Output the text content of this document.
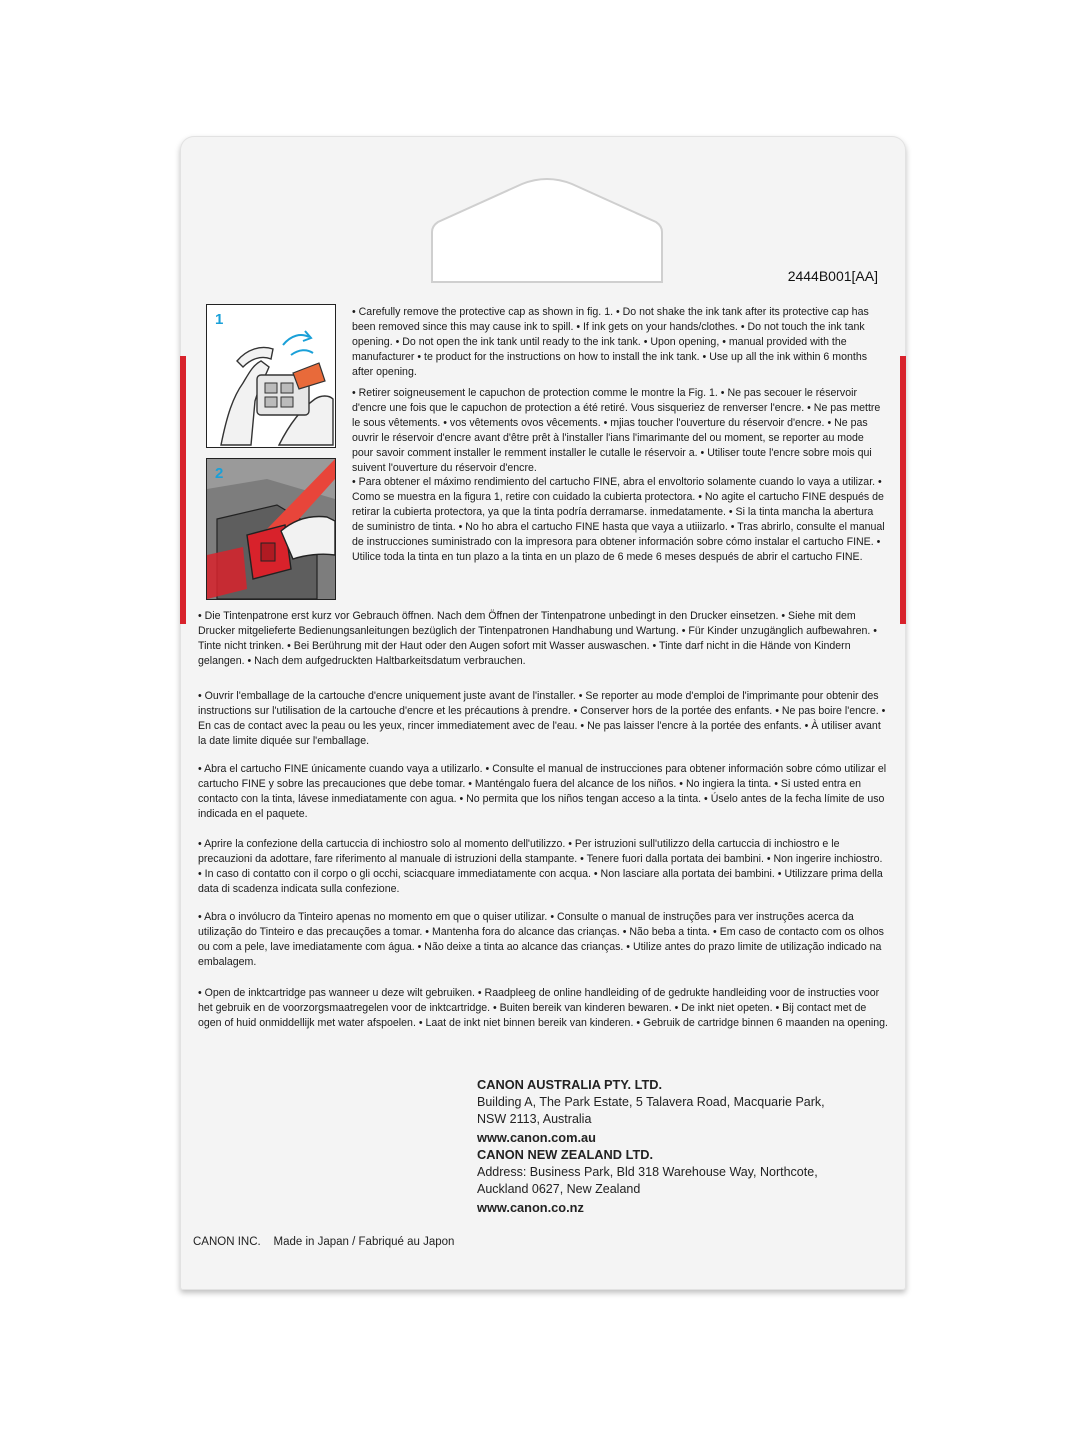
2444B001[AA]
1
2

• Carefully remove the protective cap as shown in fig. 1. • Do not shake the ink tank after its protective cap has been removed since this may cause ink to spill. • If ink gets on your hands/clothes. • Do not touch the ink tank opening. • Do not open the ink tank until ready to the ink tank. • Upon opening, • manual provided with the manufacturer • te product for the instructions on how to install the ink tank. • Use up all the ink within 6 months after opening.

• Retirer soigneusement le capuchon de protection comme le montre la Fig. 1. • Ne pas secouer le réservoir d'encre une fois que le capuchon de protection a été retiré. Vous sisqueriez de renverser l'encre. • Ne pas mettre le sous vêtements. • vos vêtements ovos vêcements. • mjias toucher l'ouverture du réservoir d'encre. • Ne pas ouvrir le réservoir d'encre avant d'être prêt à l'installer l'ians l'imarimante del ou moment, se reporter au mode pour savoir comment installer le remment installer le cutalle le réservoir a. • Utiliser toute l'encre sobre mois qui suivent l'ouverture du réservoir d'encre.

• Para obtener el máximo rendimiento del cartucho FINE, abra el envoltorio solamente cuando lo vaya a utilizar. • Como se muestra en la figura 1, retire con cuidado la cubierta protectora. • No agite el cartucho FINE después de retirar la cubierta protectora, ya que la tinta podría derramarse. inmedatamente. • Si la tinta mancha la abertura de suministro de tinta. • No ho abra el cartucho FINE hasta que vaya a utiiizarlo. • Tras abrirlo, consulte el manual de instrucciones suministrado con la impresora para obtener información sobre cómo instalar el cartucho FINE. • Utilice toda la tinta en tun plazo a la tinta en un plazo de 6 mede 6 meses después de abrir el cartucho FINE.

• Die Tintenpatrone erst kurz vor Gebrauch öffnen. Nach dem Öffnen der Tintenpatrone unbedingt in den Drucker einsetzen. • Siehe mit dem Drucker mitgelieferte Bedienungsanleitungen bezüglich der Tintenpatronen Handhabung und Wartung. • Für Kinder unzugänglich aufbewahren. • Tinte nicht trinken. • Bei Berührung mit der Haut oder den Augen sofort mit Wasser auswaschen. • Tinte darf nicht in die Hände von Kindern gelangen. • Nach dem aufgedruckten Haltbarkeitsdatum verbrauchen.

• Ouvrir l'emballage de la cartouche d'encre uniquement juste avant de l'installer. • Se reporter au mode d'emploi de l'imprimante pour obtenir des instructions sur l'utilisation de la cartouche d'encre et les précautions à prendre. • Conserver hors de la portée des enfants. • Ne pas boire l'encre. • En cas de contact avec la peau ou les yeux, rincer immediatement avec de l'eau. • Ne pas laisser l'encre à la portée des enfants. • À utiliser avant la date limite diquée sur l'emballage.

• Abra el cartucho FINE únicamente cuando vaya a utilizarlo. • Consulte el manual de instrucciones para obtener información sobre cómo utilizar el cartucho FINE y sobre las precauciones que debe tomar. • Manténgalo fuera del alcance de los niños. • No ingiera la tinta. • Si usted entra en contacto con la tinta, lávese inmediatamente con agua. • No permita que los niños tengan acceso a la tinta. • Úselo antes de la fecha límite de uso indicada en el paquete.

• Aprire la confezione della cartuccia di inchiostro solo al momento dell'utilizzo. • Per istruzioni sull'utilizzo della cartuccia di inchiostro e le precauzioni da adottare, fare riferimento al manuale di istruzioni della stampante. • Tenere fuori dalla portata dei bambini. • Non ingerire inchiostro. • In caso di contatto con il corpo o gli occhi, sciacquare immediatamente con acqua. • Non lasciare alla portata dei bambini. • Utilizzare prima della data di scadenza indicata sulla confezione.

• Abra o invólucro da Tinteiro apenas no momento em que o quiser utilizar. • Consulte o manual de instruções para ver instruções acerca da utilização do Tinteiro e das precauções a tomar. • Mantenha fora do alcance das crianças. • Não beba a tinta. • Em caso de contacto com os olhos ou com a pele, lave imediatamente com água. • Não deixe a tinta ao alcance das crianças. • Utilize antes do prazo limite de utilização indicado na embalagem.

• Open de inktcartridge pas wanneer u deze wilt gebruiken. • Raadpleeg de online handleiding of de gedrukte handleiding voor de instructies voor het gebruik en de voorzorgsmaatregelen voor de inktcartridge. • Buiten bereik van kinderen bewaren. • De inkt niet opeten. • Bij contact met de ogen of huid onmiddellijk met water afspoelen. • Laat de inkt niet binnen bereik van kinderen. • Gebruik de cartridge binnen 6 maanden na opening.

CANON AUSTRALIA PTY. LTD.
Building A, The Park Estate, 5 Talavera Road, Macquarie Park,
NSW 2113, Australia
www.canon.com.au
CANON NEW ZEALAND LTD.
Address: Business Park, Bld 318 Warehouse Way, Northcote,
Auckland 0627, New Zealand
www.canon.co.nz
CANON INC.    Made in Japan / Fabriqué au Japon
